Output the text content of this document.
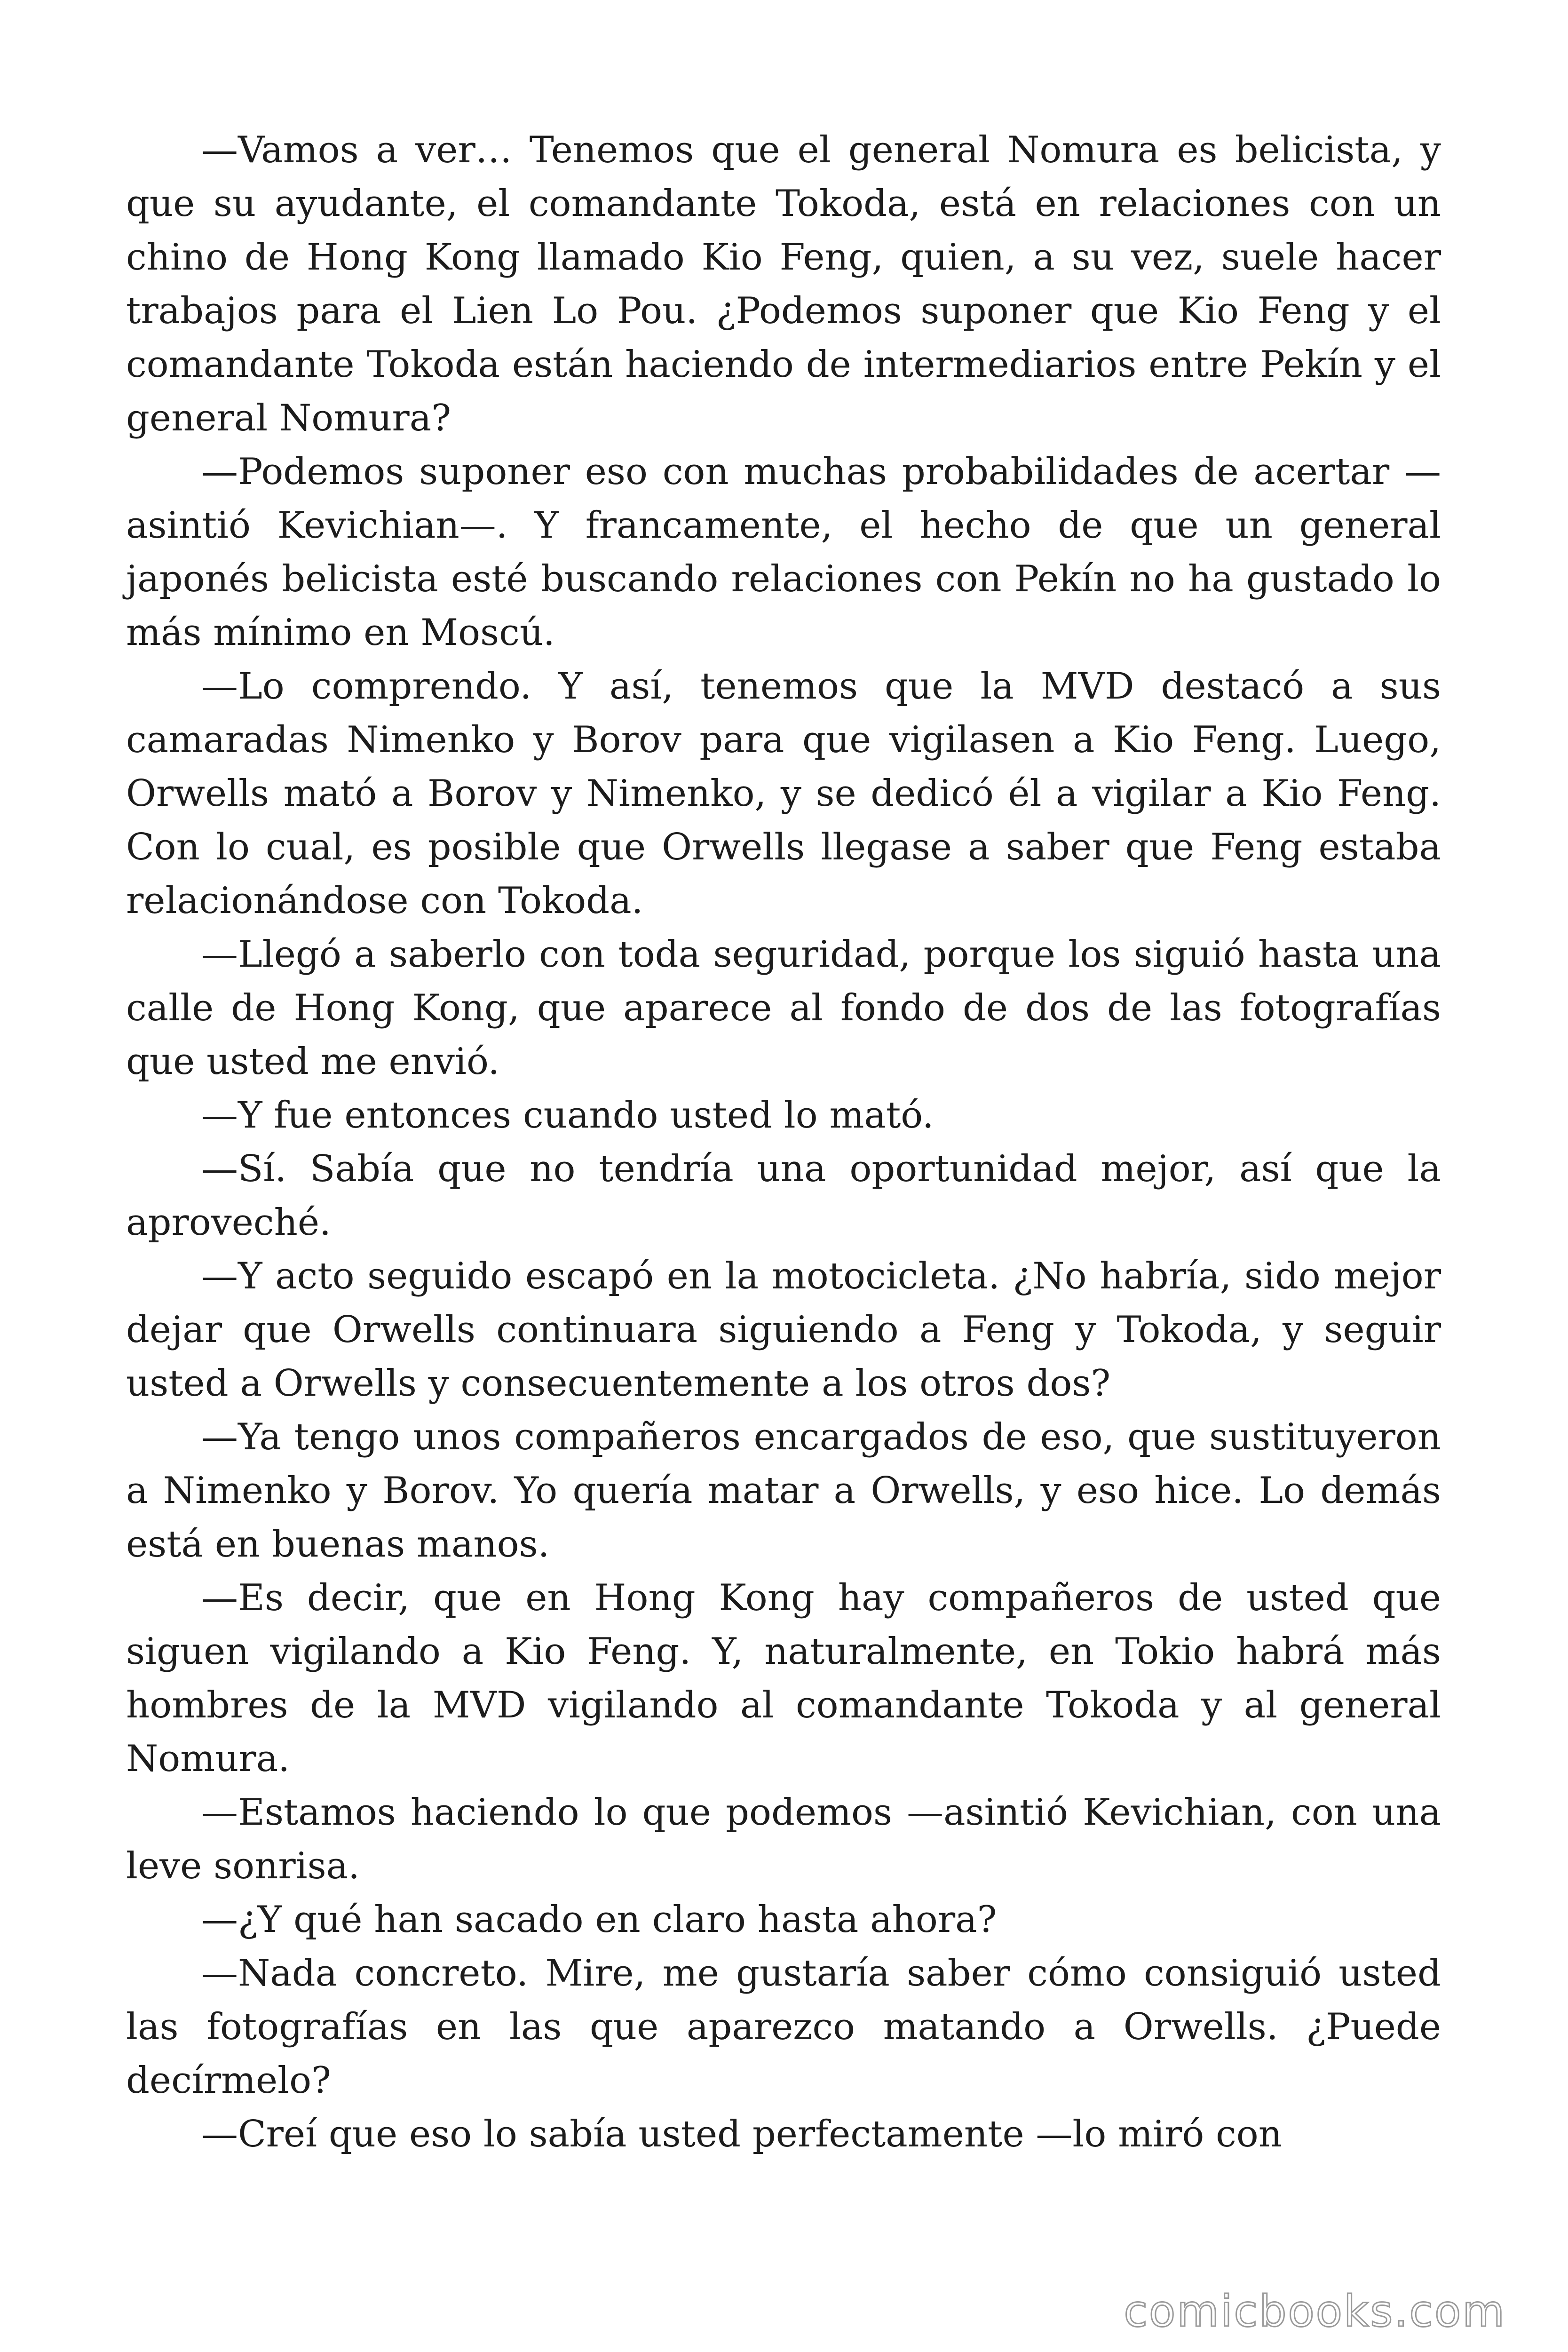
—Vamos a ver… Tenemos que el general Nomura es belicista, y que su ayudante, el comandante Tokoda, está en relaciones con un chino de Hong Kong llamado Kio Feng, quien, a su vez, suele hacer trabajos para el Lien Lo Pou. ¿Podemos suponer que Kio Feng y el comandante Tokoda están haciendo de intermediarios entre Pekín y el general Nomura?

—Podemos suponer eso con muchas probabilidades de acertar —asintió Kevichian—. Y francamente, el hecho de que un general japonés belicista esté buscando relaciones con Pekín no ha gustado lo más mínimo en Moscú.

—Lo comprendo. Y así, tenemos que la MVD destacó a sus camaradas Nimenko y Borov para que vigilasen a Kio Feng. Luego, Orwells mató a Borov y Nimenko, y se dedicó él a vigilar a Kio Feng. Con lo cual, es posible que Orwells llegase a saber que Feng estaba relacionándose con Tokoda.

—Llegó a saberlo con toda seguridad, porque los siguió hasta una calle de Hong Kong, que aparece al fondo de dos de las fotografías que usted me envió.

—Y fue entonces cuando usted lo mató.

—Sí. Sabía que no tendría una oportunidad mejor, así que la aproveché.

—Y acto seguido escapó en la motocicleta. ¿No habría, sido mejor dejar que Orwells continuara siguiendo a Feng y Tokoda, y seguir usted a Orwells y consecuentemente a los otros dos?

—Ya tengo unos compañeros encargados de eso, que sustituyeron a Nimenko y Borov. Yo quería matar a Orwells, y eso hice. Lo demás está en buenas manos.

—Es decir, que en Hong Kong hay compañeros de usted que siguen vigilando a Kio Feng. Y, naturalmente, en Tokio habrá más hombres de la MVD vigilando al comandante Tokoda y al general Nomura.

—Estamos haciendo lo que podemos —asintió Kevichian, con una leve sonrisa.

—¿Y qué han sacado en claro hasta ahora?

—Nada concreto. Mire, me gustaría saber cómo consiguió usted las fotografías en las que aparezco matando a Orwells. ¿Puede decírmelo?

—Creí que eso lo sabía usted perfectamente —lo miró con

comicbooks.com
